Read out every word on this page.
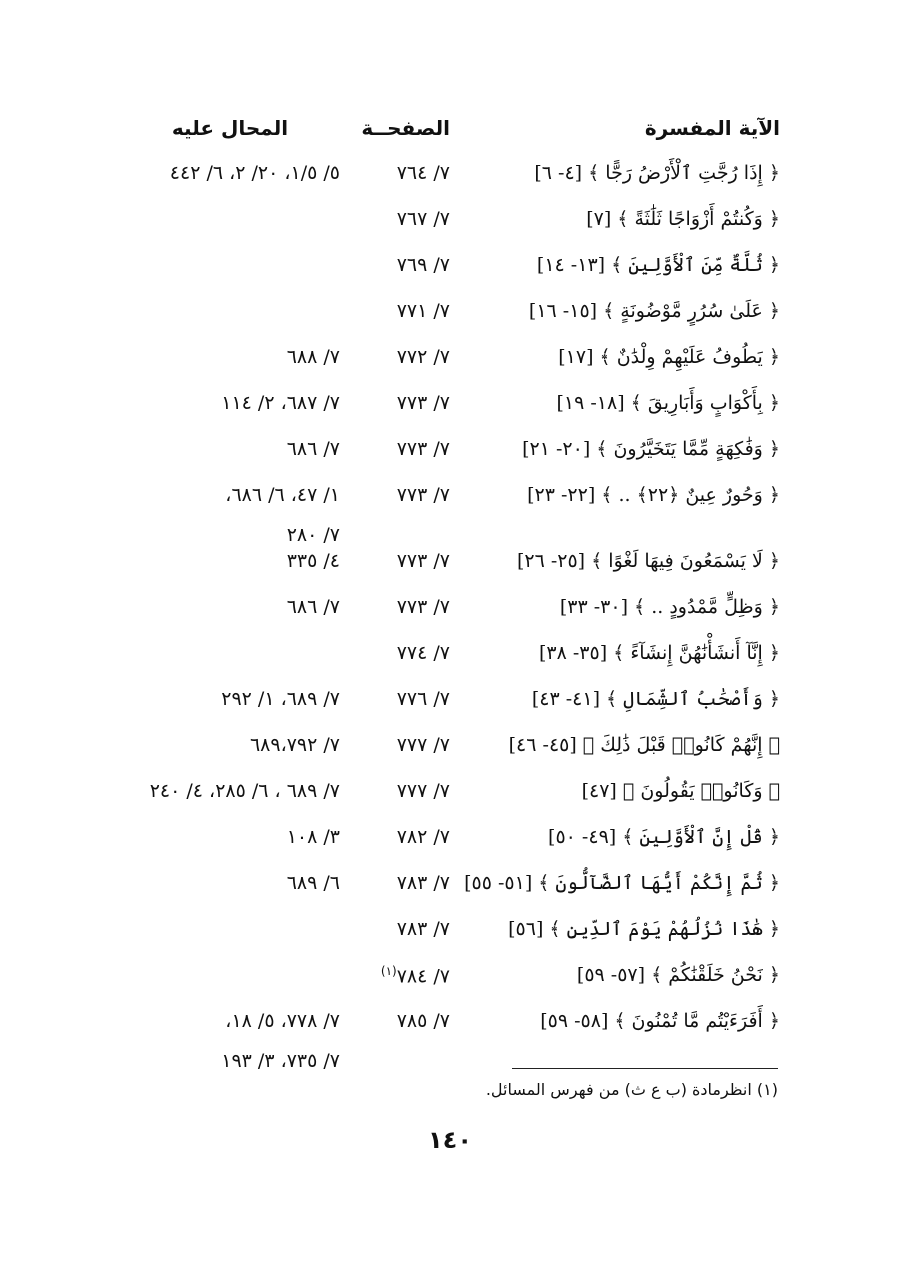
الآية المفسرة
الصفحــة
المحال عليه
﴿ إِذَا رُجَّتِ ٱلْأَرْضُ رَجًّا ﴾ [٤- ٦]
٧/ ٧٦٤
٥/ ١/٥، ٢٠/ ٢، ٦/ ٤٤٢
﴿ وَكُنتُمْ أَزْوَاجًا ثَلَٰثَةً ﴾ [٧]
٧/ ٧٦٧
﴿ ثُلَّةٌ مِّنَ ٱلْأَوَّلِينَ ﴾ [١٣- ١٤]
٧/ ٧٦٩
﴿ عَلَىٰ سُرُرٍ مَّوْضُونَةٍ ﴾ [١٥- ١٦]
٧/ ٧٧١
﴿ يَطُوفُ عَلَيْهِمْ وِلْدَٰنٌ ﴾ [١٧]
٧/ ٧٧٢
٧/ ٦٨٨
﴿ بِأَكْوَابٍ وَأَبَارِيقَ ﴾ [١٨- ١٩]
٧/ ٧٧٣
٧/ ٦٨٧، ٢/ ١١٤
﴿ وَفَٰكِهَةٍ مِّمَّا يَتَخَيَّرُونَ ﴾ [٢٠- ٢١]
٧/ ٧٧٣
٧/ ٦٨٦
﴿ وَحُورٌ عِينٌ ﴿٢٢﴾ .. ﴾ [٢٢- ٢٣]
٧/ ٧٧٣
١/ ٤٧، ٦/ ٦٨٦،
٧/ ٢٨٠
﴿ لَا يَسْمَعُونَ فِيهَا لَغْوًا ﴾ [٢٥- ٢٦]
٧/ ٧٧٣
٤/ ٣٣٥
﴿ وَظِلٍّ مَّمْدُودٍ .. ﴾ [٣٠- ٣٣]
٧/ ٧٧٣
٧/ ٦٨٦
﴿ إِنَّآ أَنشَأْنَٰهُنَّ إِنشَآءً ﴾ [٣٥- ٣٨]
٧/ ٧٧٤
﴿ وَأَصْحَٰبُ ٱلشِّمَالِ ﴾ [٤١- ٤٣]
٧/ ٧٧٦
٧/ ٦٨٩، ١/ ٢٩٢
﴿ إِنَّهُمْ كَانُوا۟ قَبْلَ ذَٰلِكَ ﴾ [٤٥- ٤٦]
٧/ ٧٧٧
٧/ ٦٨٩،٧٩٢
﴿ وَكَانُوا۟ يَقُولُونَ ﴾ [٤٧]
٧/ ٧٧٧
٧/ ٦٨٩ ، ٦/ ٢٨٥، ٤/ ٢٤٠
﴿ قُلْ إِنَّ ٱلْأَوَّلِينَ ﴾ [٤٩- ٥٠]
٧/ ٧٨٢
٣/ ١٠٨
﴿ ثُمَّ إِنَّكُمْ أَيُّهَا ٱلضَّآلُّونَ ﴾ [٥١- ٥٥]
٧/ ٧٨٣
٦/ ٦٨٩
﴿ هَٰذَا نُزُلُهُمْ يَوْمَ ٱلدِّينِ ﴾ [٥٦]
٧/ ٧٨٣
﴿ نَحْنُ خَلَقْنَٰكُمْ ﴾ [٥٧- ٥٩]
٧/ ٧٨٤$^{(١)}$
﴿ أَفَرَءَيْتُم مَّا تُمْنُونَ ﴾ [٥٨- ٥٩]
٧/ ٧٨٥
٧/ ٧٧٨، ٥/ ١٨،
٧/ ٧٣٥، ٣/ ١٩٣
(١) انظرمادة (ب ع ث) من فهرس المسائل.
١٤٠
